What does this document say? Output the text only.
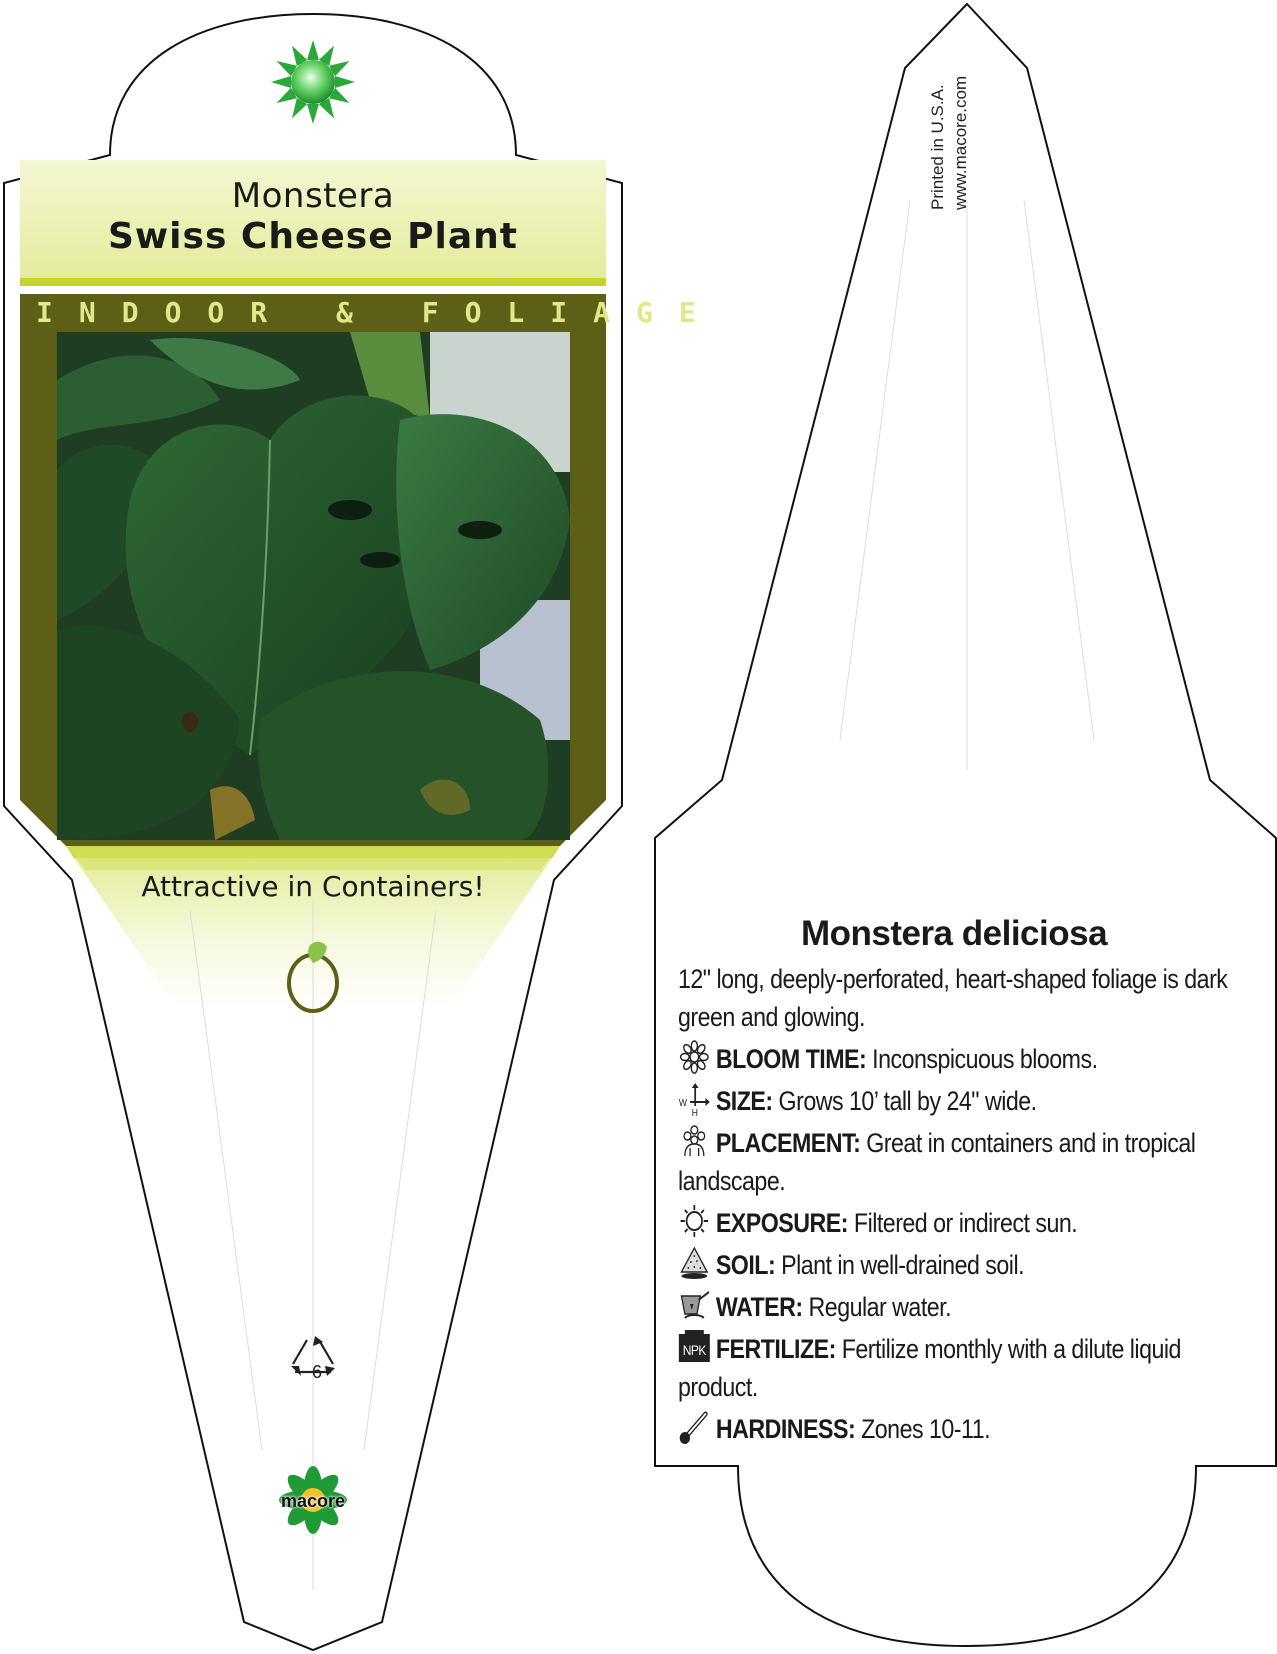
Monstera
Swiss Cheese Plant
INDOOR & FOLIAGE
Attractive in Containers!
6
macore
Printed in U.S.A. www.macore.com
Monstera deliciosa
12" long, deeply-perforated, heart-shaped foliage is dark green and glowing.
BLOOM TIME: Inconspicuous blooms.
W
H SIZE: Grows 10’ tall by 24" wide.
PLACEMENT: Great in containers and in tropical landscape.
EXPOSURE: Filtered or indirect sun.
SOIL: Plant in well-drained soil.
WATER: Regular water.
NPK FERTILIZE: Fertilize monthly with a dilute liquid product.
HARDINESS: Zones 10-11.
